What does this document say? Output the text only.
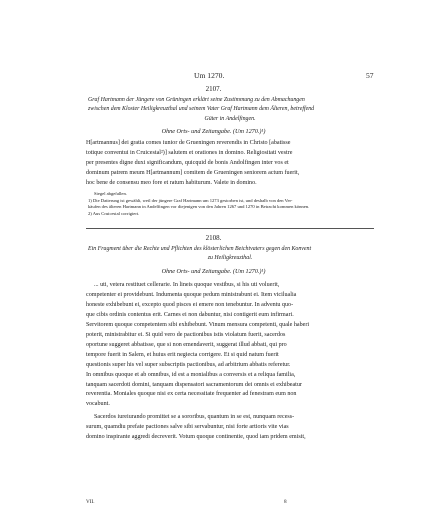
Um 1270.	57
2107.
Graf Hartmann der Jüngere von Grüningen erklärt seine Zustimmung zu den Abmachungen
zwischen dem Kloster Heiligkreuzthal und seinem Vater Graf Hartmann dem Älteren, betreffend
Güter in Andelfingen.
Ohne Orts- und Zeitangabe. (Um 1270.)¹)
H[artmannus] dei gratia comes iunior de Grueningen reverendis in Christo [abatisse
totique conventui in Cruicestal²)] salutem et orationes in domino. Religiositati vestre
per presentes digne duxi significandum, quicquid de bonis Andolfingen inter vos et
dominum patrem meum H[artmannum] comitem de Grueningen seniorem actum fuerit,
hoc bene de consensu meo fore et ratum habiturum. Valete in domino.
Siegel abgefallen.
1) Die Datierung ist gewählt, weil der jüngere Graf Hartmann um 1273 gestorben ist, und deshalb von den Ver-
käufen des älteren Hartmann in Andelfingen vor diejenigen von den Jahren 1267 und 1270 in Betracht kommen können.
2) Aus Cruicestal corrigiert.
2108.
Ein Fragment über die Rechte und Pflichten des klösterlichen Beichtvaters gegen den Konvent
zu Heiligkreuzthal.
Ohne Orts- und Zeitangabe. (Um 1270.)¹)
... uti, vetera restituet cellerarie. In lineis quoque vestibus, si his uti voluerit,
competenter ei providebunt. Indumenta quoque pedum ministrabunt ei. Item vicilualia
honeste exhibebunt ei, excepto quod pisces ei emere non tenebuntur. In adventu quo-
que cibis ordinis contentus erit. Carnes ei non dabuntur, nisi contigerit eum infirmari.
Servitorem quoque competentem sibi exhibebunt. Vinum mensura competenti, quale haberi
poterit, ministrabitur ei. Si quid vero de pactionibus istis violatum fuerit, sacerdos
oportune suggeret abbatisse, que si non emendaverit, suggerat illud abbati, qui pro
tempore fuerit in Salem, et huius erit negiecta corrigere. Et si quid natum fuerit
questionis super his vel super subscriptis pactionibus, ad arbitrium abbatis referetur.
In omnibus quoque et ab omnibus, id est a monialibus a conversis et a reliqua familia,
tanquam sacerdoti domini, tanquam dispensatori sacramentorum dei omnis ei exhibeatur
reverentia. Moniales quoque nisi ex certa necessitate frequenter ad fenestram eum non
vocabunt.
Sacerdos iureiurando promittet se a sororibus, quantum in se est, nunquam recess-
surum, quamdiu prefate pactiones salve sibi servabuntur, nisi forte artioris vite vias
domino inspirante aggredi decreverit. Votum quoque continentie, quod iam pridem emisit,
VII.	8
